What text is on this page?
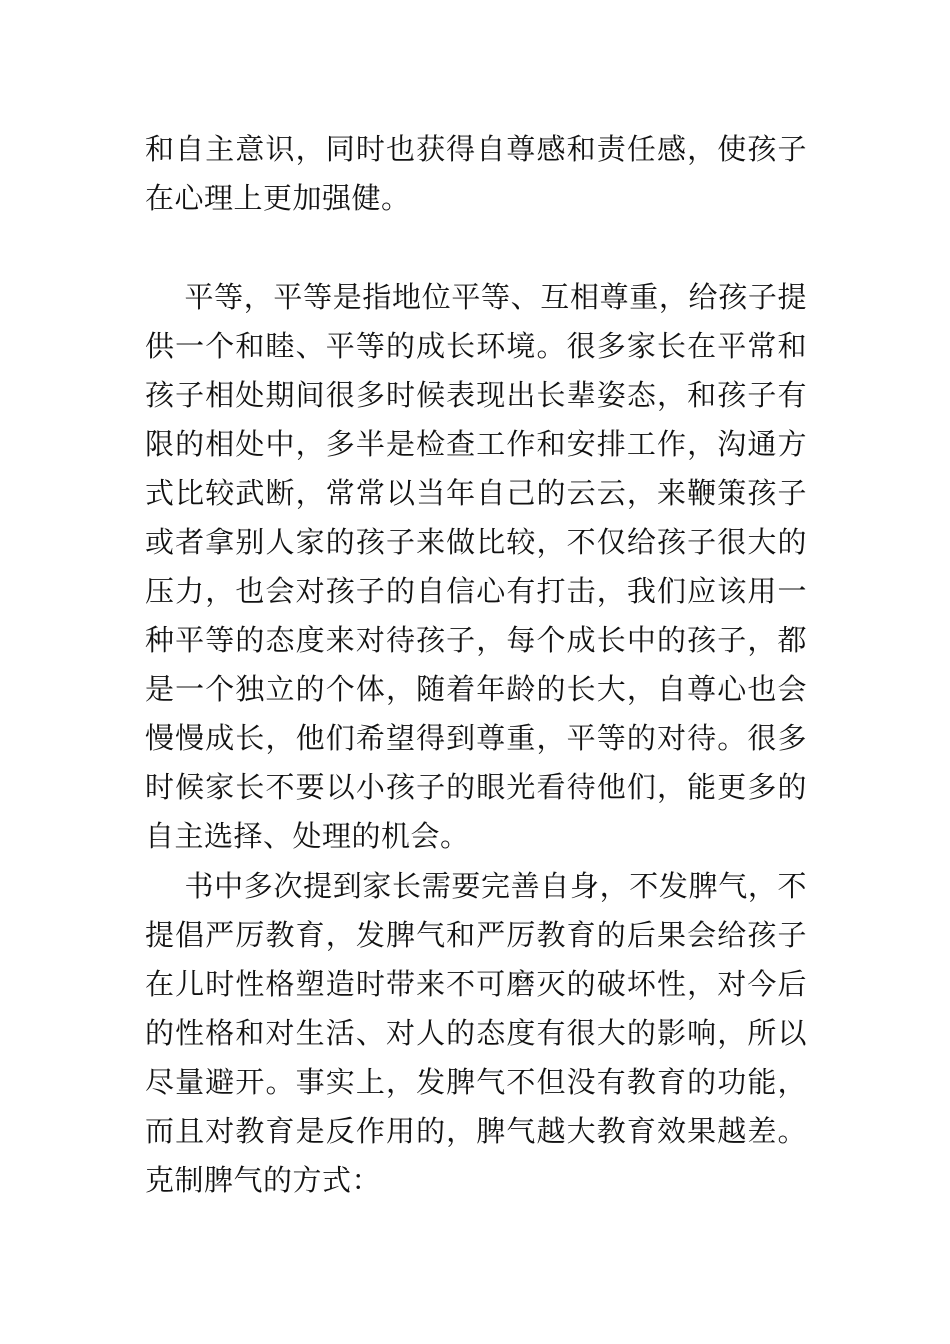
和自主意识，同时也获得自尊感和责任感，使孩子在心理上更加强健。

平等，平等是指地位平等、互相尊重，给孩子提供一个和睦、平等的成长环境。很多家长在平常和孩子相处期间很多时候表现出长辈姿态，和孩子有限的相处中，多半是检查工作和安排工作，沟通方式比较武断，常常以当年自己的云云，来鞭策孩子或者拿别人家的孩子来做比较，不仅给孩子很大的压力，也会对孩子的自信心有打击，我们应该用一种平等的态度来对待孩子，每个成长中的孩子，都是一个独立的个体，随着年龄的长大，自尊心也会慢慢成长，他们希望得到尊重，平等的对待。很多时候家长不要以小孩子的眼光看待他们，能更多的自主选择、处理的机会。

书中多次提到家长需要完善自身，不发脾气，不提倡严厉教育，发脾气和严厉教育的后果会给孩子在儿时性格塑造时带来不可磨灭的破坏性，对今后的性格和对生活、对人的态度有很大的影响，所以尽量避开。事实上，发脾气不但没有教育的功能，而且对教育是反作用的，脾气越大教育效果越差。克制脾气的方式：
